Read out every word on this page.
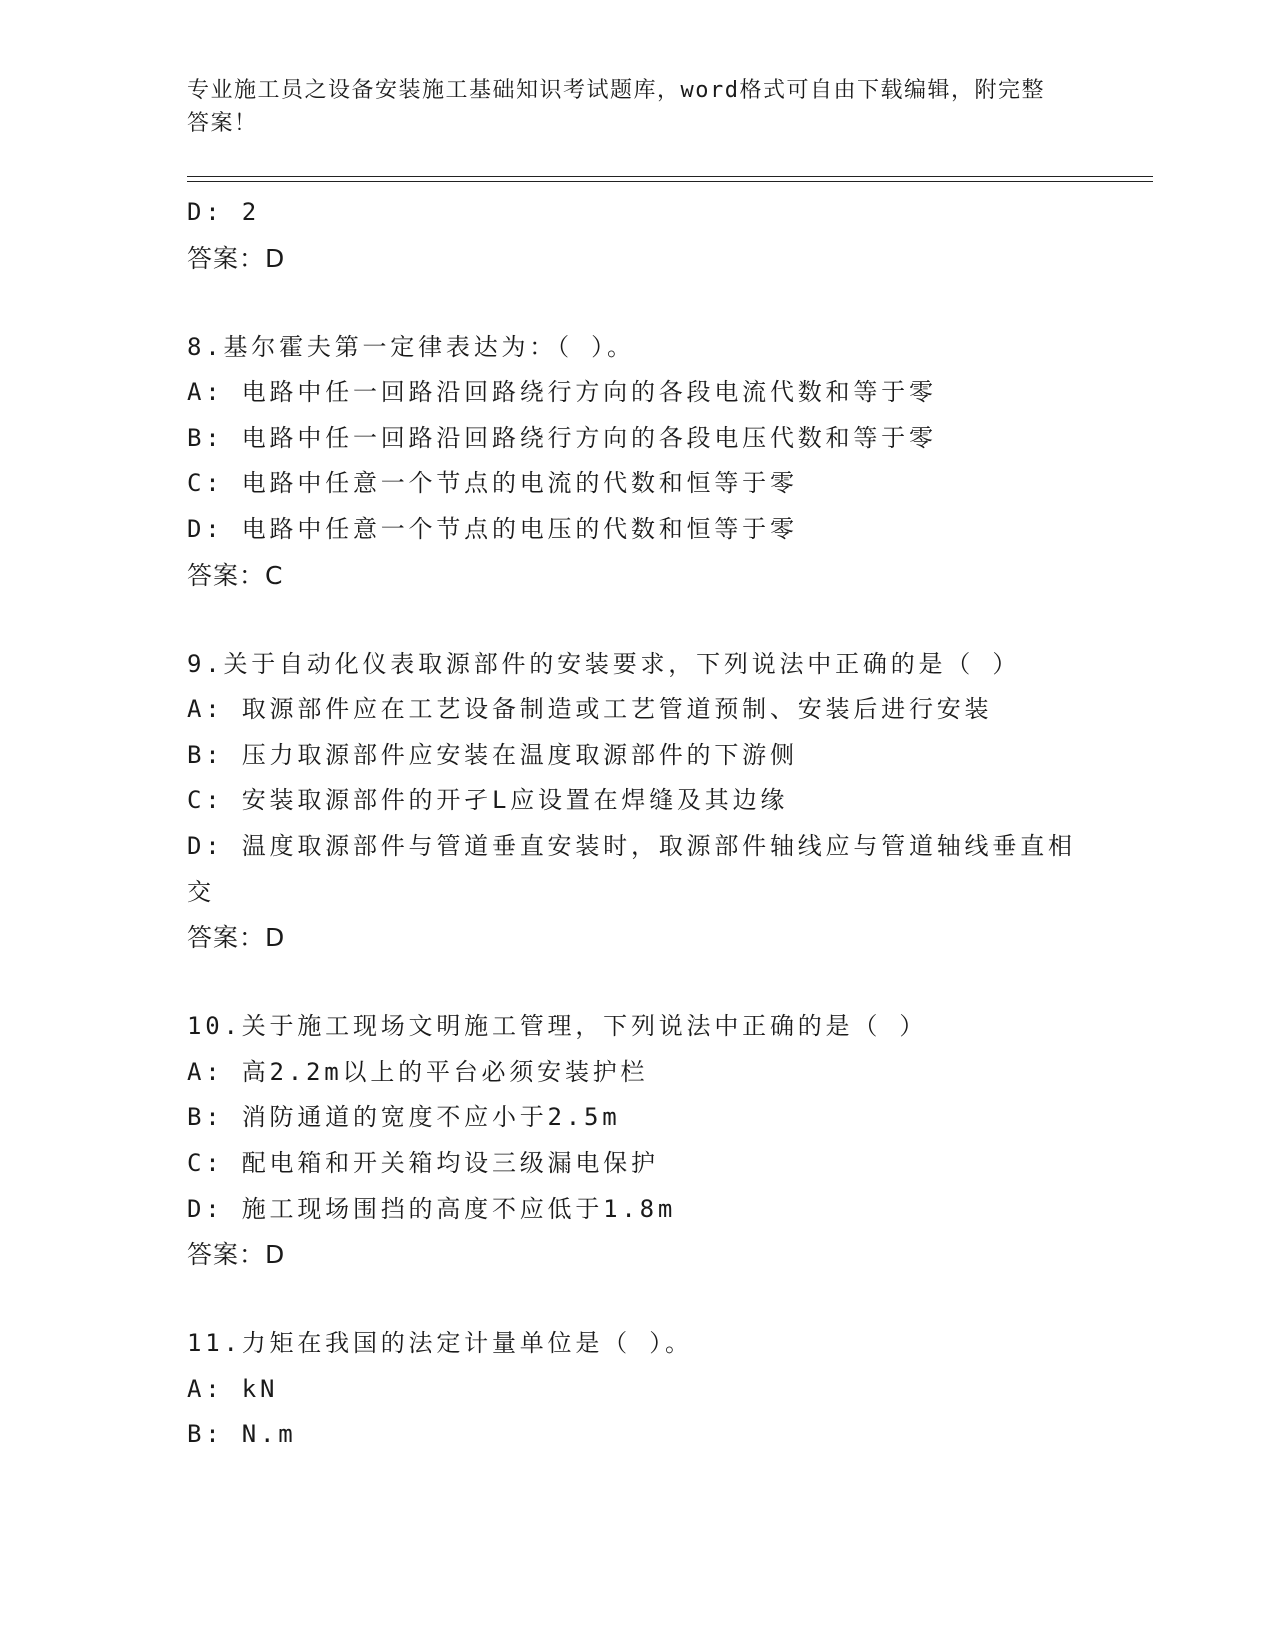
专业施工员之设备安装施工基础知识考试题库，word格式可自由下载编辑，附完整答案！
D: 2
答案：D
8.基尔霍夫第一定律表达为：（ ）。
A: 电路中任一回路沿回路绕行方向的各段电流代数和等于零
B: 电路中任一回路沿回路绕行方向的各段电压代数和等于零
C: 电路中任意一个节点的电流的代数和恒等于零
D: 电路中任意一个节点的电压的代数和恒等于零
答案：C
9.关于自动化仪表取源部件的安装要求，下列说法中正确的是（ ）
A: 取源部件应在工艺设备制造或工艺管道预制、安装后进行安装
B: 压力取源部件应安装在温度取源部件的下游侧
C: 安装取源部件的开孑L应设置在焊缝及其边缘
D: 温度取源部件与管道垂直安装时，取源部件轴线应与管道轴线垂直相交
答案：D
10.关于施工现场文明施工管理，下列说法中正确的是（ ）
A: 高2.2m以上的平台必须安装护栏
B: 消防通道的宽度不应小于2.5m
C: 配电箱和开关箱均设三级漏电保护
D: 施工现场围挡的高度不应低于1.8m
答案：D
11.力矩在我国的法定计量单位是（ ）。
A: kN
B: N.m
